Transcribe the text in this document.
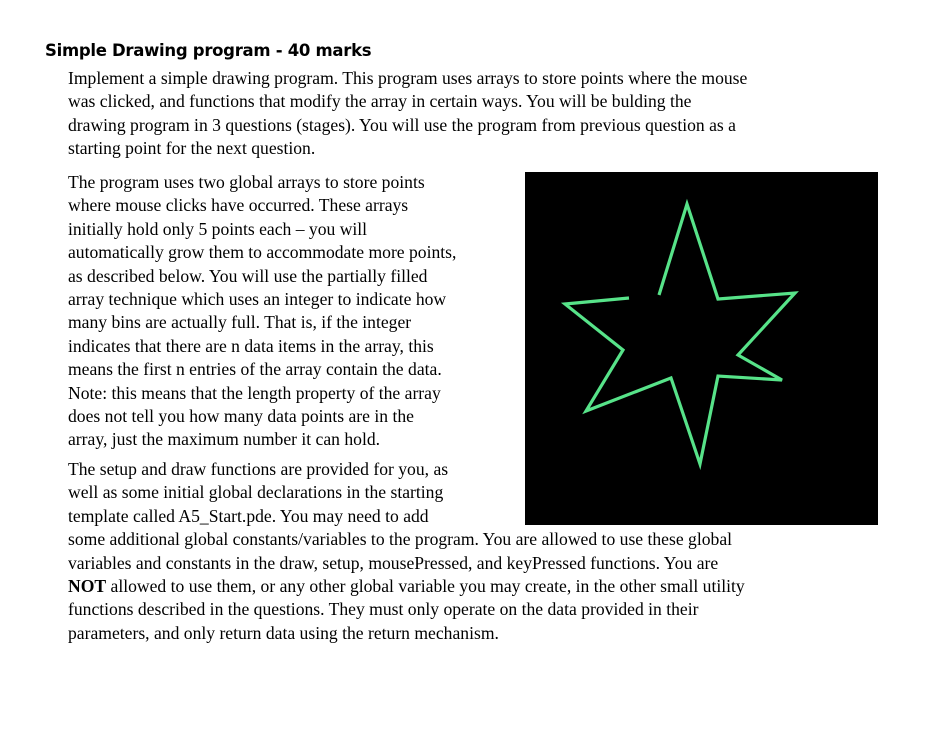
Simple Drawing program - 40 marks
Implement a simple drawing program. This program uses arrays to store points where the mouse
was clicked, and functions that modify the array in certain ways. You will be bulding the
drawing program in 3 questions (stages). You will use the program from previous question as a
starting point for the next question.
The program uses two global arrays to store points
where mouse clicks have occurred. These arrays
initially hold only 5 points each – you will
automatically grow them to accommodate more points,
as described below. You will use the partially filled
array technique which uses an integer to indicate how
many bins are actually full. That is, if the integer
indicates that there are n data items in the array, this
means the first n entries of the array contain the data.
Note: this means that the length property of the array
does not tell you how many data points are in the
array, just the maximum number it can hold.
The setup and draw functions are provided for you, as
well as some initial global declarations in the starting
template called A5_Start.pde. You may need to add
some additional global constants/variables to the program. You are allowed to use these global
variables and constants in the draw, setup, mousePressed, and keyPressed functions. You are
NOT allowed to use them, or any other global variable you may create, in the other small utility
functions described in the questions. They must only operate on the data provided in their
parameters, and only return data using the return mechanism.
